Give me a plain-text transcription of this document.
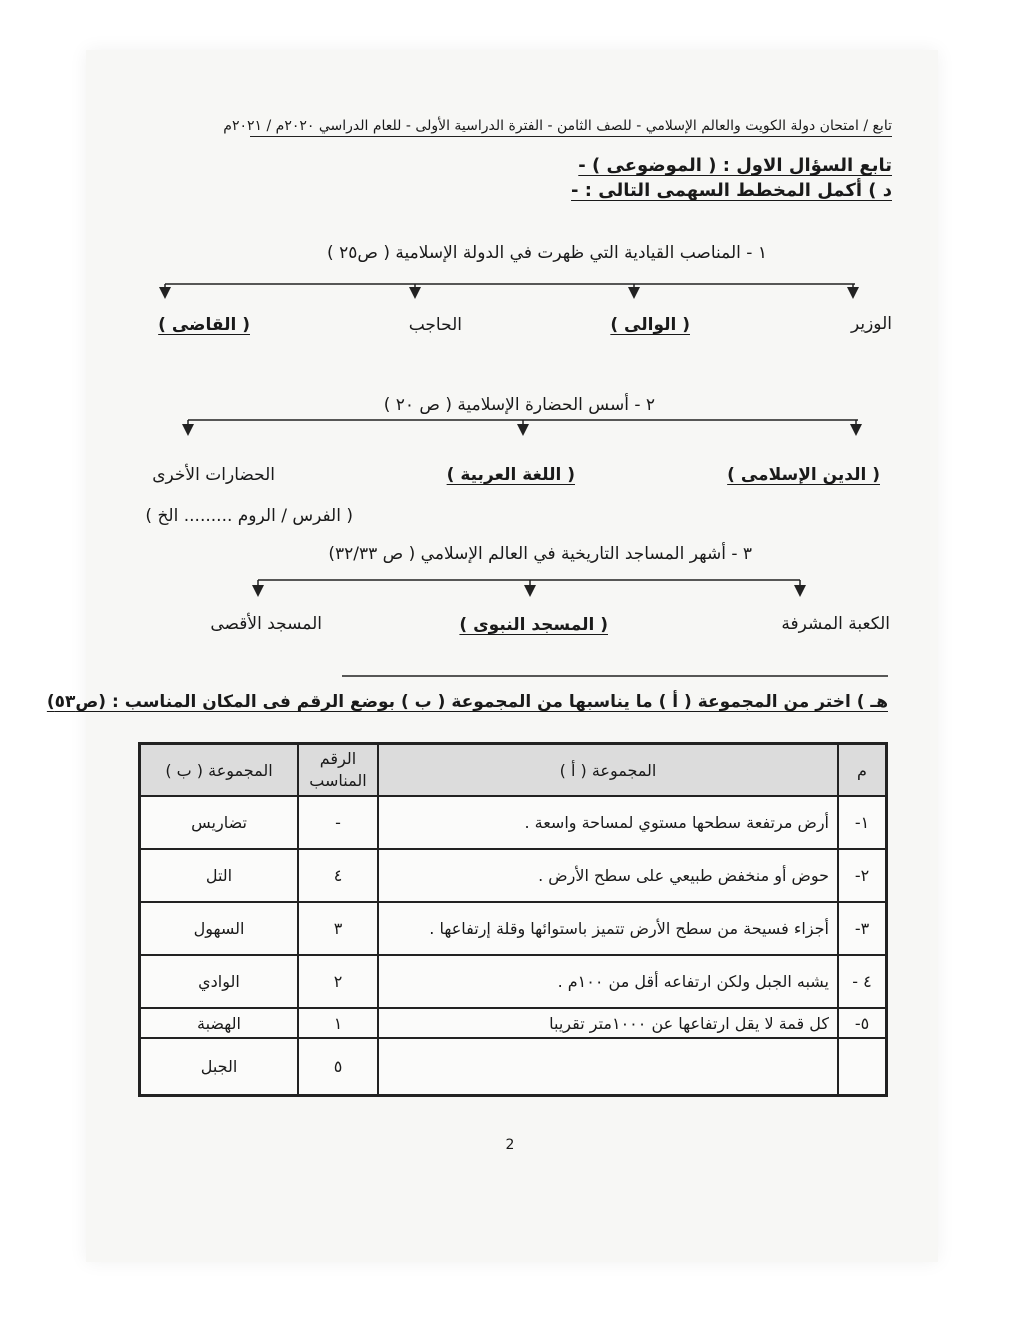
تابع / امتحان دولة الكويت والعالم الإسلامي - للصف الثامن - الفترة الدراسية الأولى - للعام الدراسي ٢٠٢٠م / ٢٠٢١م
تابع السؤال الاول : ( الموضوعى ) -
د ) أكمل المخطط السهمى التالى : -
١ - المناصب القيادية التي ظهرت في الدولة الإسلامية ( ص٢٥ )
الوزير
( الوالى )
الحاجب
( القاضى )
٢ - أسس الحضارة الإسلامية ( ص ٢٠ )
( الدين الإسلامى )
( اللغة العربية )
الحضارات الأخرى
( الفرس / الروم ......... الخ )
٣ - أشهر المساجد التاريخية في العالم الإسلامي ( ص ٣٢/٣٣)
الكعبة المشرفة
( المسجد النبوى )
المسجد الأقصى
هـ ) اختر من المجموعة ( أ ) ما يناسبها من المجموعة ( ب ) بوضع الرقم فى المكان المناسب : (ص٥٣)
م	المجموعة ( أ )	الرقم المناسب	المجموعة ( ب )
١-	أرض مرتفعة سطحها مستوي لمساحة واسعة .	-	تضاريس
٢-	حوض أو منخفض طبيعي على سطح الأرض .	٤	التل
٣-	أجزاء فسيحة من سطح الأرض تتميز باستوائها وقلة إرتفاعها .	٣	السهول
٤ -	يشبه الجبل ولكن ارتفاعه أقل من ١٠٠م .	٢	الوادي
٥-	كل قمة لا يقل ارتفاعها عن ١٠٠٠متر تقريبا	١	الهضبة
		٥	الجبل
2
